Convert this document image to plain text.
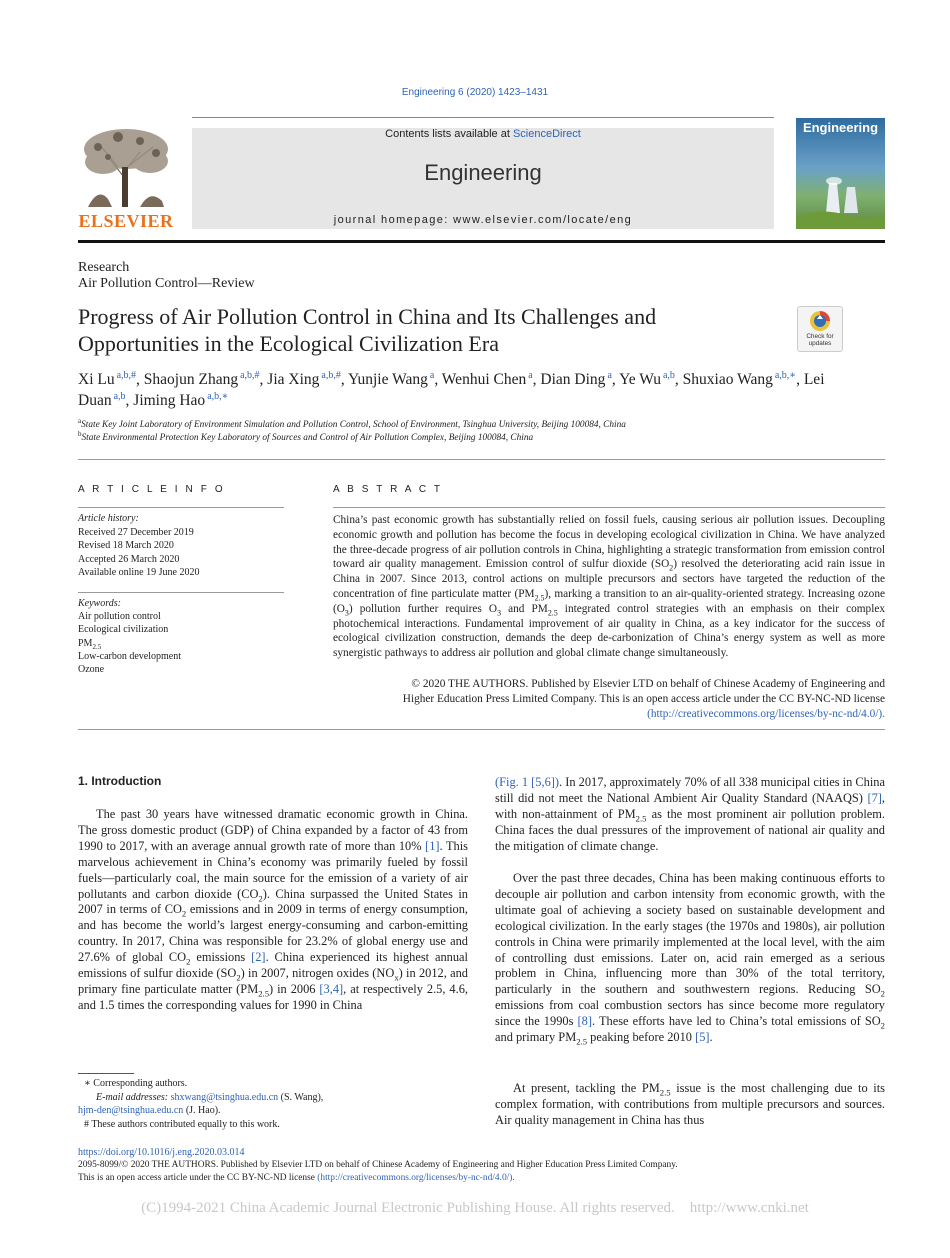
Engineering 6 (2020) 1423–1431
ELSEVIER
Contents lists available at ScienceDirect
Engineering
journal homepage: www.elsevier.com/locate/eng
Engineering
Research
Air Pollution Control—Review
Progress of Air Pollution Control in China and Its Challenges and
Opportunities in the Ecological Civilization Era	Check for updates
Xi Lu $^{a,b,\#}$, Shaojun Zhang $^{a,b,\#}$, Jia Xing $^{a,b,\#}$, Yunjie Wang $^a$, Wenhui Chen $^a$, Dian Ding $^a$, Ye Wu $^{a,b}$, Shuxiao Wang $^{a,b,∗}$, Lei Duan $^{a,b}$, Jiming Hao $^{a,b,∗}$
$^a$State Key Joint Laboratory of Environment Simulation and Pollution Control, School of Environment, Tsinghua University, Beijing 100084, China
$^b$State Environmental Protection Key Laboratory of Sources and Control of Air Pollution Complex, Beijing 100084, China
A R T I C L E I N F O
Article history:
Received 27 December 2019
Revised 18 March 2020
Accepted 26 March 2020
Available online 19 June 2020
Keywords:
Air pollution control
Ecological civilization
$PM_{2.5}$
Low-carbon development
Ozone
A B S T R A C T
China’s past economic growth has substantially relied on fossil fuels, causing serious air pollution issues. Decoupling economic growth and pollution has become the focus in developing ecological civilization in China. We have analyzed the three-decade progress of air pollution controls in China, highlighting a strategic transformation from emission control toward air quality management. Emission control of sulfur dioxide $(SO_2)$ resolved the deteriorating acid rain issue in China in 2007. Since 2013, control actions on multiple precursors and sectors have targeted the reduction of the concentration of fine particulate matter $(PM_{2.5})$, marking a transition to an air-quality-oriented strategy. Increasing ozone $(O_3)$ pollution further requires $O_3$ and $PM_{2.5}$ integrated control strategies with an emphasis on their complex photochemical interactions. Fundamental improvement of air quality in China, as a key indicator for the success of ecological civilization construction, demands the deep de-carbonization of China’s energy system as well as more synergistic pathways to address air pollution and global climate change simultaneously.
© 2020 THE AUTHORS. Published by Elsevier LTD on behalf of Chinese Academy of Engineering and
Higher Education Press Limited Company. This is an open access article under the CC BY-NC-ND license
(http://creativecommons.org/licenses/by-nc-nd/4.0/).
1. Introduction
The past 30 years have witnessed dramatic economic growth in China. The gross domestic product (GDP) of China expanded by a factor of 43 from 1990 to 2017, with an average annual growth rate of more than 10% [1]. This marvelous achievement in China’s economy was primarily fueled by fossil fuels—particularly coal, the main source for the emission of a variety of air pollutants and carbon dioxide $(CO_2)$. China surpassed the United States in 2007 in terms of $CO_2$ emissions and in 2009 in terms of energy consumption, and has become the world’s largest energy-consuming and carbon-emitting country. In 2017, China was responsible for 23.2% of global energy use and 27.6% of global $CO_2$ emissions [2]. China experienced its highest annual emissions of sulfur dioxide $(SO_2)$ in 2007, nitrogen oxides $(NO_x)$ in 2012, and primary fine particulate matter $(PM_{2.5})$ in 2006 [3,4], at respectively 2.5, 4.6, and 1.5 times the corresponding values for 1990 in China
(Fig. 1 [5,6]). In 2017, approximately 70% of all 338 municipal cities in China still did not meet the National Ambient Air Quality Standard (NAAQS) [7], with non-attainment of $PM_{2.5}$ as the most prominent air pollution problem. China faces the dual pressures of the improvement of national air quality and the mitigation of climate change.
Over the past three decades, China has been making continuous efforts to decouple air pollution and carbon intensity from economic growth, with the ultimate goal of achieving a society based on sustainable development and ecological civilization. In the early stages (the 1970s and 1980s), air pollution controls in China were primarily implemented at the local level, with the aim of controlling dust emissions. Later on, acid rain emerged as a serious problem in China, influencing more than 30% of the total territory, particularly in the southern and southwestern regions. Reducing $SO_2$ emissions from coal combustion sectors has since become more regulatory since the 1990s [8]. These efforts have led to China’s total emissions of $SO_2$ and primary $PM_{2.5}$ peaking before 2010 [5].
At present, tackling the $PM_{2.5}$ issue is the most challenging due to its complex formation, with contributions from multiple precursors and sources. Air quality management in China has thus
∗ Corresponding authors.
E-mail addresses: shxwang@tsinghua.edu.cn (S. Wang),
hjm-den@tsinghua.edu.cn (J. Hao).
# These authors contributed equally to this work.
https://doi.org/10.1016/j.eng.2020.03.014
2095-8099/© 2020 THE AUTHORS. Published by Elsevier LTD on behalf of Chinese Academy of Engineering and Higher Education Press Limited Company.
This is an open access article under the CC BY-NC-ND license (http://creativecommons.org/licenses/by-nc-nd/4.0/).
(C)1994-2021 China Academic Journal Electronic Publishing House. All rights reserved.    http://www.cnki.net
